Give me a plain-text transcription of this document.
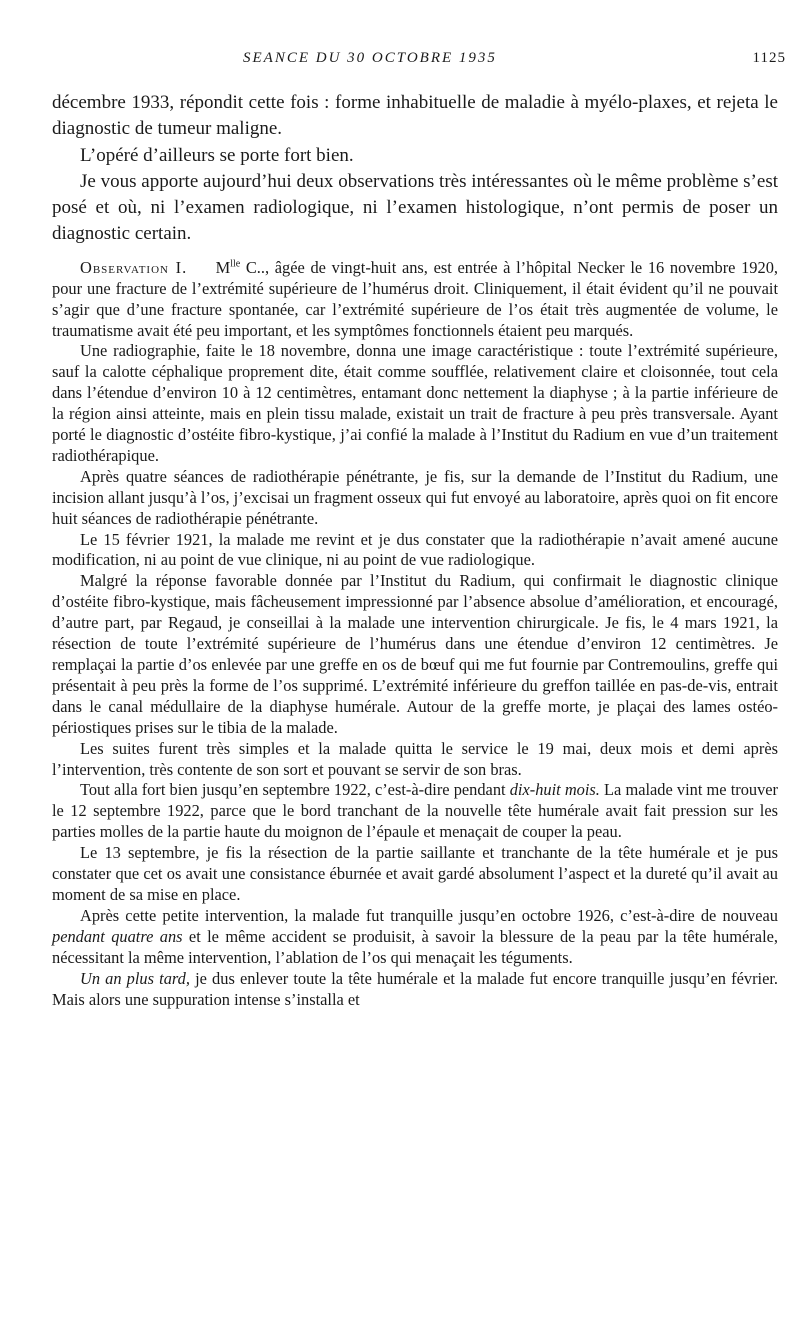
SEANCE DU 30 OCTOBRE 1935	1125

décembre 1933, répondit cette fois : forme inhabituelle de maladie à myélo-plaxes, et rejeta le diagnostic de tumeur maligne.

L’opéré d’ailleurs se porte fort bien.

Je vous apporte aujourd’hui deux observations très intéressantes où le même problème s’est posé et où, ni l’examen radiologique, ni l’examen histologique, n’ont permis de poser un diagnostic certain.

Observation I. $M^{lle}$ C.., âgée de vingt-huit ans, est entrée à l’hôpital Necker le 16 novembre 1920, pour une fracture de l’extrémité supérieure de l’humérus droit. Cliniquement, il était évident qu’il ne pouvait s’agir que d’une fracture spontanée, car l’extrémité supérieure de l’os était très augmentée de volume, le traumatisme avait été peu important, et les symptômes fonctionnels étaient peu marqués.

Une radiographie, faite le 18 novembre, donna une image caractéristique : toute l’extrémité supérieure, sauf la calotte céphalique proprement dite, était comme soufflée, relativement claire et cloisonnée, tout cela dans l’étendue d’environ 10 à 12 centimètres, entamant donc nettement la diaphyse ; à la partie inférieure de la région ainsi atteinte, mais en plein tissu malade, existait un trait de fracture à peu près transversale. Ayant porté le diagnostic d’ostéite fibro-kystique, j’ai confié la malade à l’Institut du Radium en vue d’un traitement radiothérapique.

Après quatre séances de radiothérapie pénétrante, je fis, sur la demande de l’Institut du Radium, une incision allant jusqu’à l’os, j’excisai un fragment osseux qui fut envoyé au laboratoire, après quoi on fit encore huit séances de radiothérapie pénétrante.

Le 15 février 1921, la malade me revint et je dus constater que la radiothérapie n’avait amené aucune modification, ni au point de vue clinique, ni au point de vue radiologique.

Malgré la réponse favorable donnée par l’Institut du Radium, qui confirmait le diagnostic clinique d’ostéite fibro-kystique, mais fâcheusement impressionné par l’absence absolue d’amélioration, et encouragé, d’autre part, par Regaud, je conseillai à la malade une intervention chirurgicale. Je fis, le 4 mars 1921, la résection de toute l’extrémité supérieure de l’humérus dans une étendue d’environ 12 centimètres. Je remplaçai la partie d’os enlevée par une greffe en os de bœuf qui me fut fournie par Contremoulins, greffe qui présentait à peu près la forme de l’os supprimé. L’extrémité inférieure du greffon taillée en pas-de-vis, entrait dans le canal médullaire de la diaphyse humérale. Autour de la greffe morte, je plaçai des lames ostéo-périostiques prises sur le tibia de la malade.

Les suites furent très simples et la malade quitta le service le 19 mai, deux mois et demi après l’intervention, très contente de son sort et pouvant se servir de son bras.

Tout alla fort bien jusqu’en septembre 1922, c’est-à-dire pendant dix-huit mois. La malade vint me trouver le 12 septembre 1922, parce que le bord tranchant de la nouvelle tête humérale avait fait pression sur les parties molles de la partie haute du moignon de l’épaule et menaçait de couper la peau.

Le 13 septembre, je fis la résection de la partie saillante et tranchante de la tête humérale et je pus constater que cet os avait une consistance éburnée et avait gardé absolument l’aspect et la dureté qu’il avait au moment de sa mise en place.

Après cette petite intervention, la malade fut tranquille jusqu’en octobre 1926, c’est-à-dire de nouveau pendant quatre ans et le même accident se produisit, à savoir la blessure de la peau par la tête humérale, nécessitant la même intervention, l’ablation de l’os qui menaçait les téguments.

Un an plus tard, je dus enlever toute la tête humérale et la malade fut encore tranquille jusqu’en février. Mais alors une suppuration intense s’installa et
